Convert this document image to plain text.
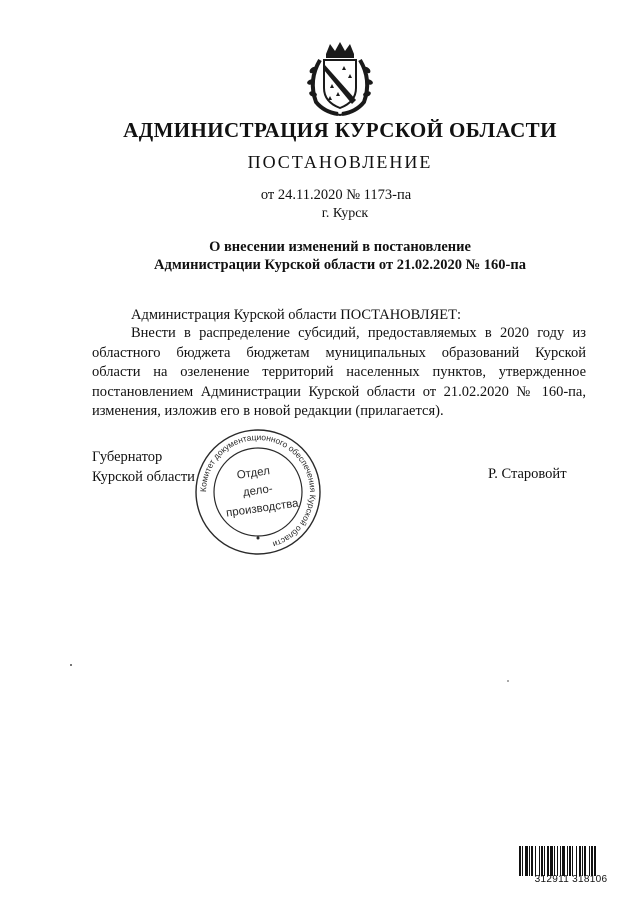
АДМИНИСТРАЦИЯ КУРСКОЙ ОБЛАСТИ
ПОСТАНОВЛЕНИЕ
от 24.11.2020 № 1173-па
г. Курск
О внесении изменений в постановление
Администрации Курской области от 21.02.2020 № 160-па
Администрация Курской области ПОСТАНОВЛЯЕТ:
Внести в распределение субсидий, предоставляемых в 2020 году из
областного бюджета бюджетам муниципальных образований Курской
области на озеленение территорий населенных пунктов, утвержденное
постановлением Администрации Курской области от 21.02.2020 № 160-па,
изменения, изложив его в новой редакции (прилагается).
Губернатор
Курской области	Р. Старовойт
Комитет документационного обеспечения Курской области
Отдел
дело-
производства
312911 318106
